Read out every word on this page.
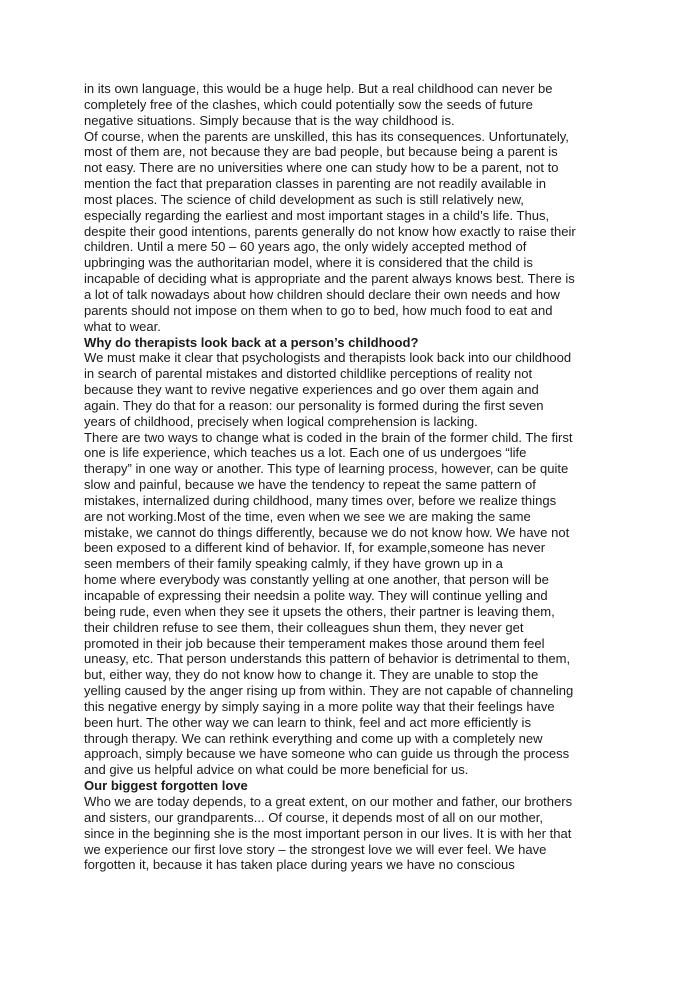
in its own language, this would be a huge help. But a real childhood can never be
completely free of the clashes, which could potentially sow the seeds of future
negative situations. Simply because that is the way childhood is.
Of course, when the parents are unskilled, this has its consequences. Unfortunately,
most of them are, not because they are bad people, but because being a parent is
not easy. There are no universities where one can study how to be a parent, not to
mention the fact that preparation classes in parenting are not readily available in
most places. The science of child development as such is still relatively new,
especially regarding the earliest and most important stages in a child’s life. Thus,
despite their good intentions, parents generally do not know how exactly to raise their
children. Until a mere 50 – 60 years ago, the only widely accepted method of
upbringing was the authoritarian model, where it is considered that the child is
incapable of deciding what is appropriate and the parent always knows best. There is
a lot of talk nowadays about how children should declare their own needs and how
parents should not impose on them when to go to bed, how much food to eat and
what to wear.
Why do therapists look back at a person’s childhood?
We must make it clear that psychologists and therapists look back into our childhood
in search of parental mistakes and distorted childlike perceptions of reality not
because they want to revive negative experiences and go over them again and
again. They do that for a reason: our personality is formed during the first seven
years of childhood, precisely when logical comprehension is lacking.
There are two ways to change what is coded in the brain of the former child. The first
one is life experience, which teaches us a lot. Each one of us undergoes “life
therapy” in one way or another. This type of learning process, however, can be quite
slow and painful, because we have the tendency to repeat the same pattern of
mistakes, internalized during childhood, many times over, before we realize things
are not working.Most of the time, even when we see we are making the same
mistake, we cannot do things differently, because we do not know how. We have not
been exposed to a different kind of behavior. If, for example,someone has never
seen members of their family speaking calmly, if they have grown up in a
home where everybody was constantly yelling at one another, that person will be
incapable of expressing their needsin a polite way. They will continue yelling and
being rude, even when they see it upsets the others, their partner is leaving them,
their children refuse to see them, their colleagues shun them, they never get
promoted in their job because their temperament makes those around them feel
uneasy, etc. That person understands this pattern of behavior is detrimental to them,
but, either way, they do not know how to change it. They are unable to stop the
yelling caused by the anger rising up from within. They are not capable of channeling
this negative energy by simply saying in a more polite way that their feelings have
been hurt. The other way we can learn to think, feel and act more efficiently is
through therapy. We can rethink everything and come up with a completely new
approach, simply because we have someone who can guide us through the process
and give us helpful advice on what could be more beneficial for us.
Our biggest forgotten love
Who we are today depends, to a great extent, on our mother and father, our brothers
and sisters, our grandparents... Of course, it depends most of all on our mother,
since in the beginning she is the most important person in our lives. It is with her that
we experience our first love story – the strongest love we will ever feel. We have
forgotten it, because it has taken place during years we have no conscious
